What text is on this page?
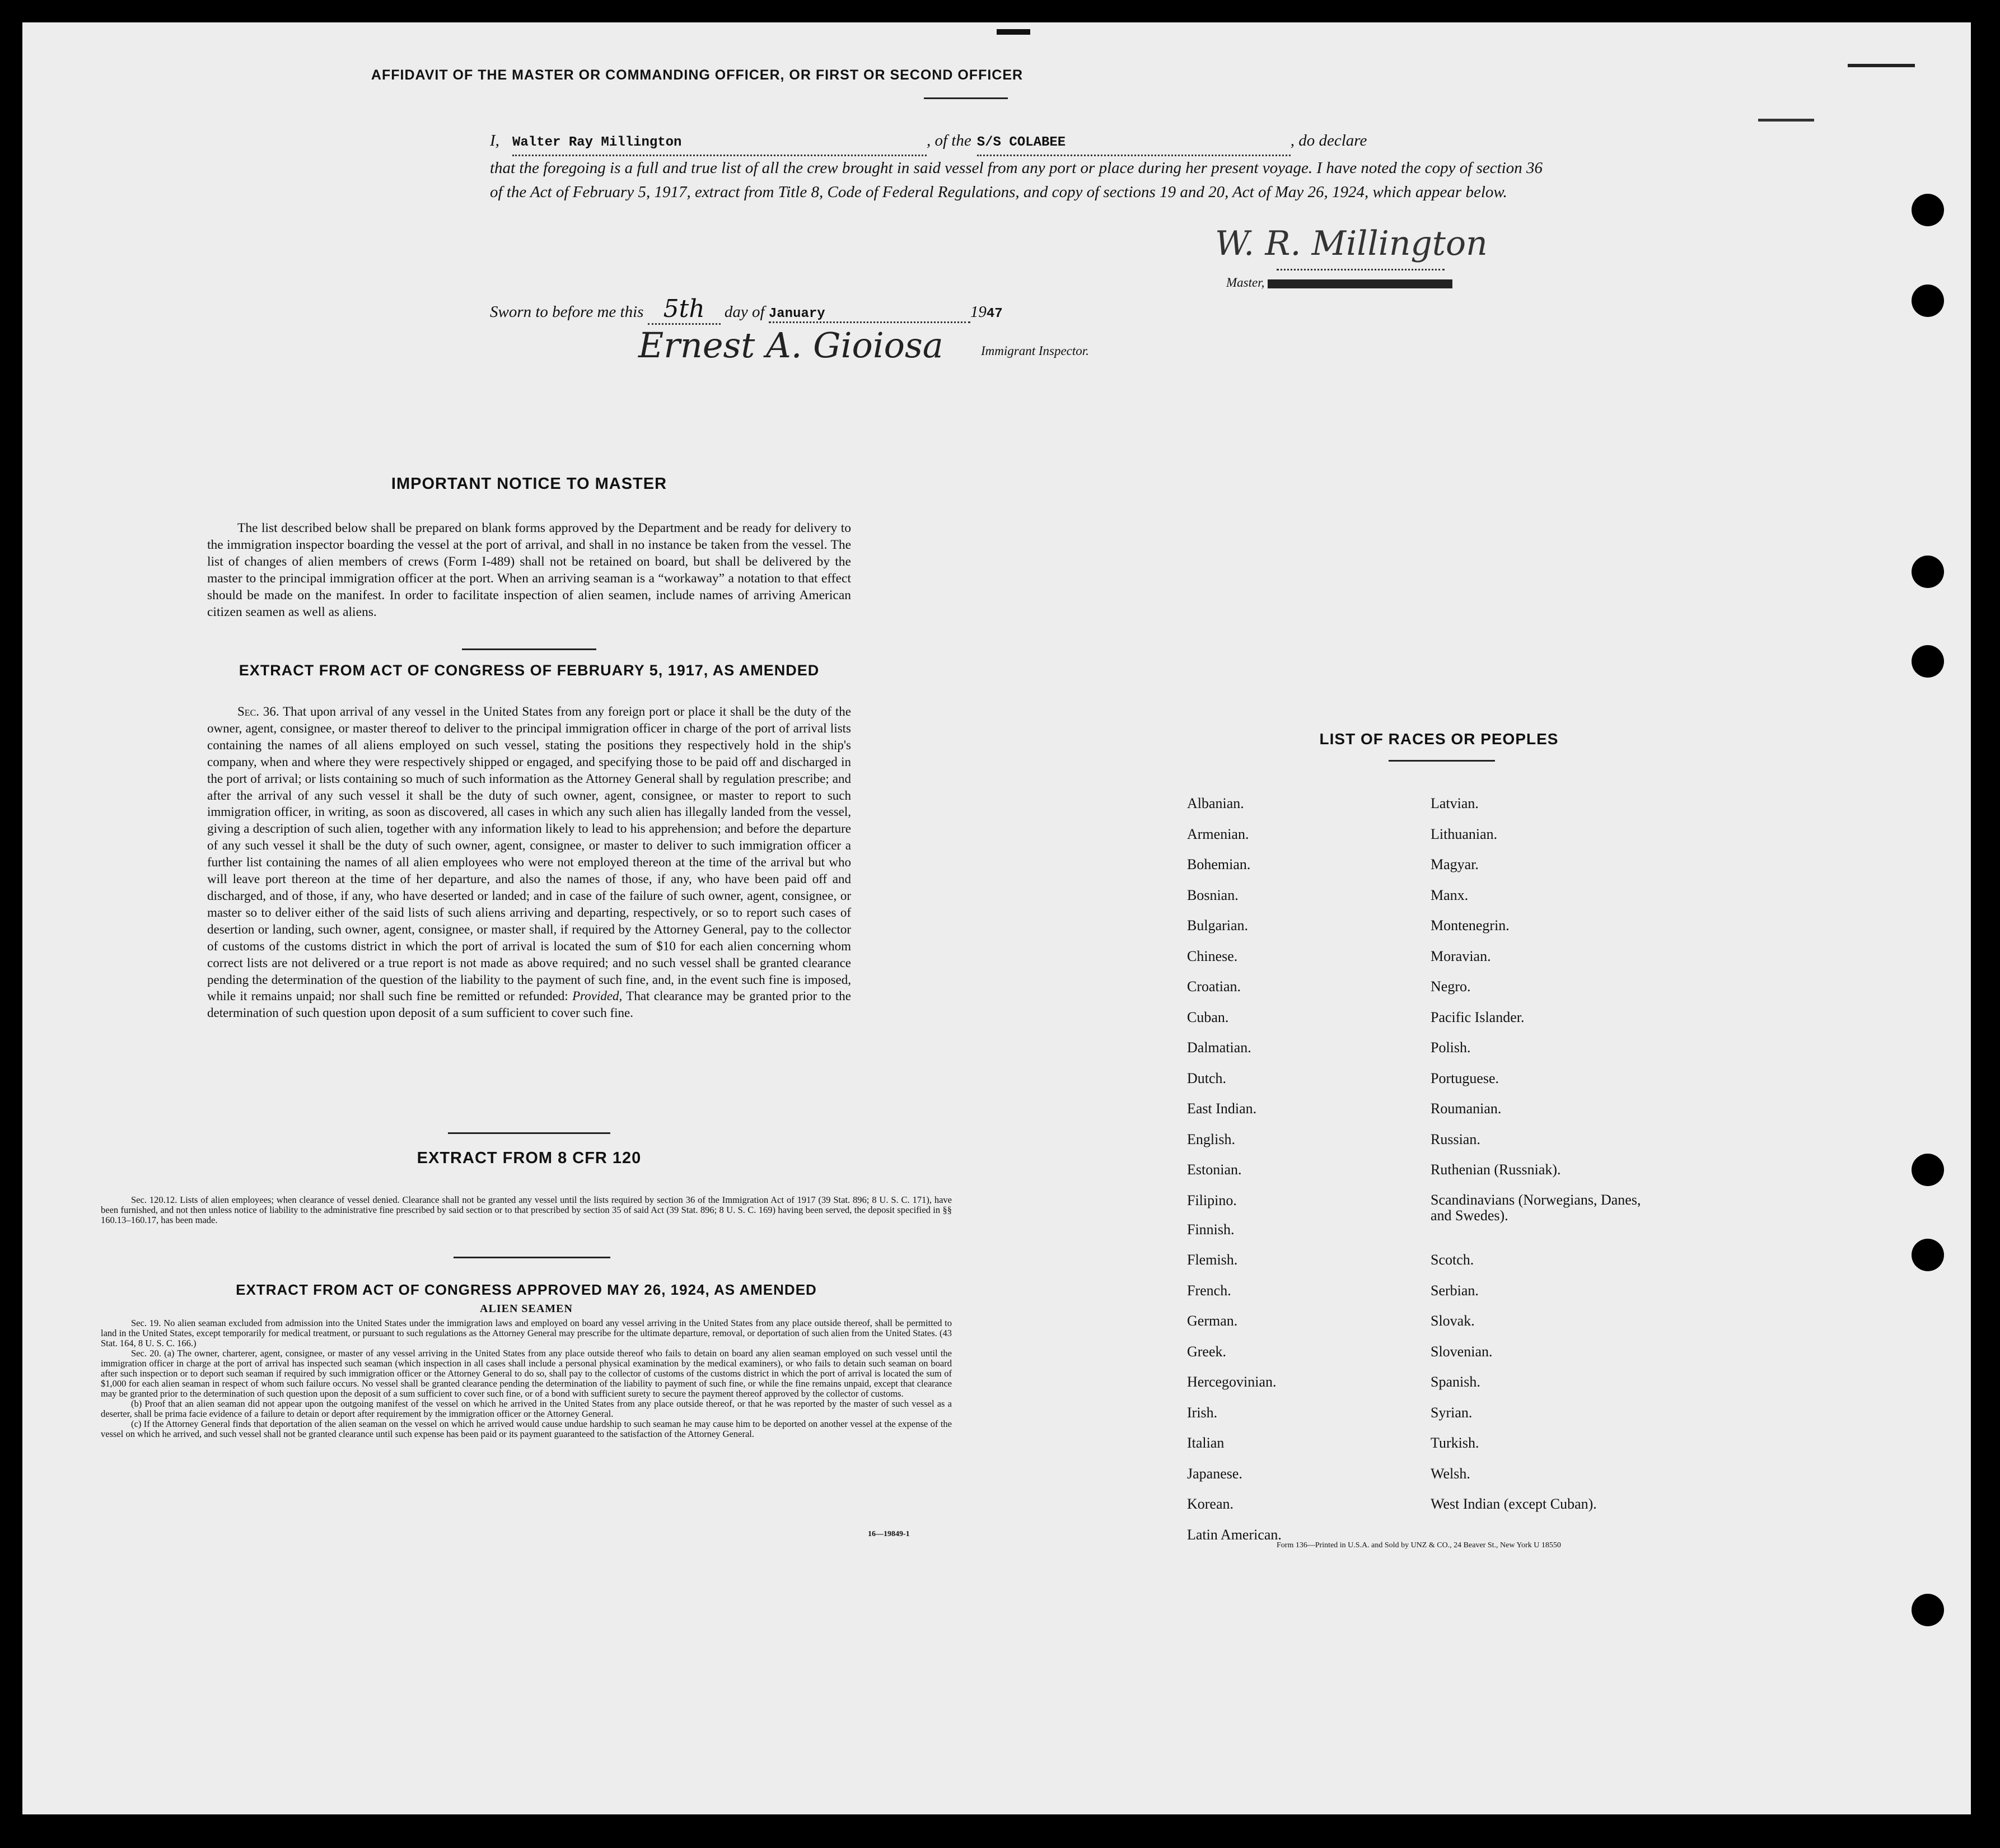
AFFIDAVIT OF THE MASTER OR COMMANDING OFFICER, OR FIRST OR SECOND OFFICER
I, Walter Ray Millington	, of the S/S COLABEE	, do declare
that the foregoing is a full and true list of all the crew brought in said vessel from any port or place during her present voyage. I have noted the copy of section 36 of the Act of February 5, 1917, extract from Title 8, Code of Federal Regulations, and copy of sections 19 and 20, Act of May 26, 1924, which appear below.
W. R. Millington
Master,
Sworn to before me this 5th day of January	1947
Ernest A. Gioiosa	Immigrant Inspector.
IMPORTANT NOTICE TO MASTER
The list described below shall be prepared on blank forms approved by the Department and be ready for delivery to the immigration inspector boarding the vessel at the port of arrival, and shall in no instance be taken from the vessel. The list of changes of alien members of crews (Form I-489) shall not be retained on board, but shall be delivered by the master to the principal immigration officer at the port. When an arriving seaman is a “workaway” a notation to that effect should be made on the manifest. In order to facilitate inspection of alien seamen, include names of arriving American citizen seamen as well as aliens.
EXTRACT FROM ACT OF CONGRESS OF FEBRUARY 5, 1917, AS AMENDED
Sec. 36. That upon arrival of any vessel in the United States from any foreign port or place it shall be the duty of the owner, agent, consignee, or master thereof to deliver to the principal immigration officer in charge of the port of arrival lists containing the names of all aliens employed on such vessel, stating the positions they respectively hold in the ship's company, when and where they were respectively shipped or engaged, and specifying those to be paid off and discharged in the port of arrival; or lists containing so much of such information as the Attorney General shall by regulation prescribe; and after the arrival of any such vessel it shall be the duty of such owner, agent, consignee, or master to report to such immigration officer, in writing, as soon as discovered, all cases in which any such alien has illegally landed from the vessel, giving a description of such alien, together with any information likely to lead to his apprehension; and before the departure of any such vessel it shall be the duty of such owner, agent, consignee, or master to deliver to such immigration officer a further list containing the names of all alien employees who were not employed thereon at the time of the arrival but who will leave port thereon at the time of her departure, and also the names of those, if any, who have been paid off and discharged, and of those, if any, who have deserted or landed; and in case of the failure of such owner, agent, consignee, or master so to deliver either of the said lists of such aliens arriving and departing, respectively, or so to report such cases of desertion or landing, such owner, agent, consignee, or master shall, if required by the Attorney General, pay to the collector of customs of the customs district in which the port of arrival is located the sum of $10 for each alien concerning whom correct lists are not delivered or a true report is not made as above required; and no such vessel shall be granted clearance pending the determination of the question of the liability to the payment of such fine, and, in the event such fine is imposed, while it remains unpaid; nor shall such fine be remitted or refunded: Provided, That clearance may be granted prior to the determination of such question upon deposit of a sum sufficient to cover such fine.
EXTRACT FROM 8 CFR 120
Sec. 120.12. Lists of alien employees; when clearance of vessel denied. Clearance shall not be granted any vessel until the lists required by section 36 of the Immigration Act of 1917 (39 Stat. 896; 8 U. S. C. 171), have been furnished, and not then unless notice of liability to the administrative fine prescribed by said section or to that prescribed by section 35 of said Act (39 Stat. 896; 8 U. S. C. 169) having been served, the deposit specified in §§ 160.13–160.17, has been made.
EXTRACT FROM ACT OF CONGRESS APPROVED MAY 26, 1924, AS AMENDED
ALIEN SEAMEN
Sec. 19. No alien seaman excluded from admission into the United States under the immigration laws and employed on board any vessel arriving in the United States from any place outside thereof, shall be permitted to land in the United States, except temporarily for medical treatment, or pursuant to such regulations as the Attorney General may prescribe for the ultimate departure, removal, or deportation of such alien from the United States. (43 Stat. 164, 8 U. S. C. 166.)
Sec. 20. (a) The owner, charterer, agent, consignee, or master of any vessel arriving in the United States from any place outside thereof who fails to detain on board any alien seaman employed on such vessel until the immigration officer in charge at the port of arrival has inspected such seaman (which inspection in all cases shall include a personal physical examination by the medical examiners), or who fails to detain such seaman on board after such inspection or to deport such seaman if required by such immigration officer or the Attorney General to do so, shall pay to the collector of customs of the customs district in which the port of arrival is located the sum of $1,000 for each alien seaman in respect of whom such failure occurs. No vessel shall be granted clearance pending the determination of the liability to payment of such fine, or while the fine remains unpaid, except that clearance may be granted prior to the determination of such question upon the deposit of a sum sufficient to cover such fine, or of a bond with sufficient surety to secure the payment thereof approved by the collector of customs.
(b) Proof that an alien seaman did not appear upon the outgoing manifest of the vessel on which he arrived in the United States from any place outside thereof, or that he was reported by the master of such vessel as a deserter, shall be prima facie evidence of a failure to detain or deport after requirement by the immigration officer or the Attorney General.
(c) If the Attorney General finds that deportation of the alien seaman on the vessel on which he arrived would cause undue hardship to such seaman he may cause him to be deported on another vessel at the expense of the vessel on which he arrived, and such vessel shall not be granted clearance until such expense has been paid or its payment guaranteed to the satisfaction of the Attorney General.
16—19849-1
LIST OF RACES OR PEOPLES
Albanian.	Latvian.
Armenian.	Lithuanian.
Bohemian.	Magyar.
Bosnian.	Manx.
Bulgarian.	Montenegrin.
Chinese.	Moravian.
Croatian.	Negro.
Cuban.	Pacific Islander.
Dalmatian.	Polish.
Dutch.	Portuguese.
East Indian.	Roumanian.
English.	Russian.
Estonian.	Ruthenian (Russniak).
Filipino.	Scandinavians (Norwegians, Danes, and Swedes).
Finnish.
Flemish.	Scotch.
French.	Serbian.
German.	Slovak.
Greek.	Slovenian.
Hercegovinian.	Spanish.
Irish.	Syrian.
Italian	Turkish.
Japanese.	Welsh.
Korean.	West Indian (except Cuban).
Latin American.
Form 136—Printed in U.S.A. and Sold by UNZ & CO., 24 Beaver St., New York U 18550
